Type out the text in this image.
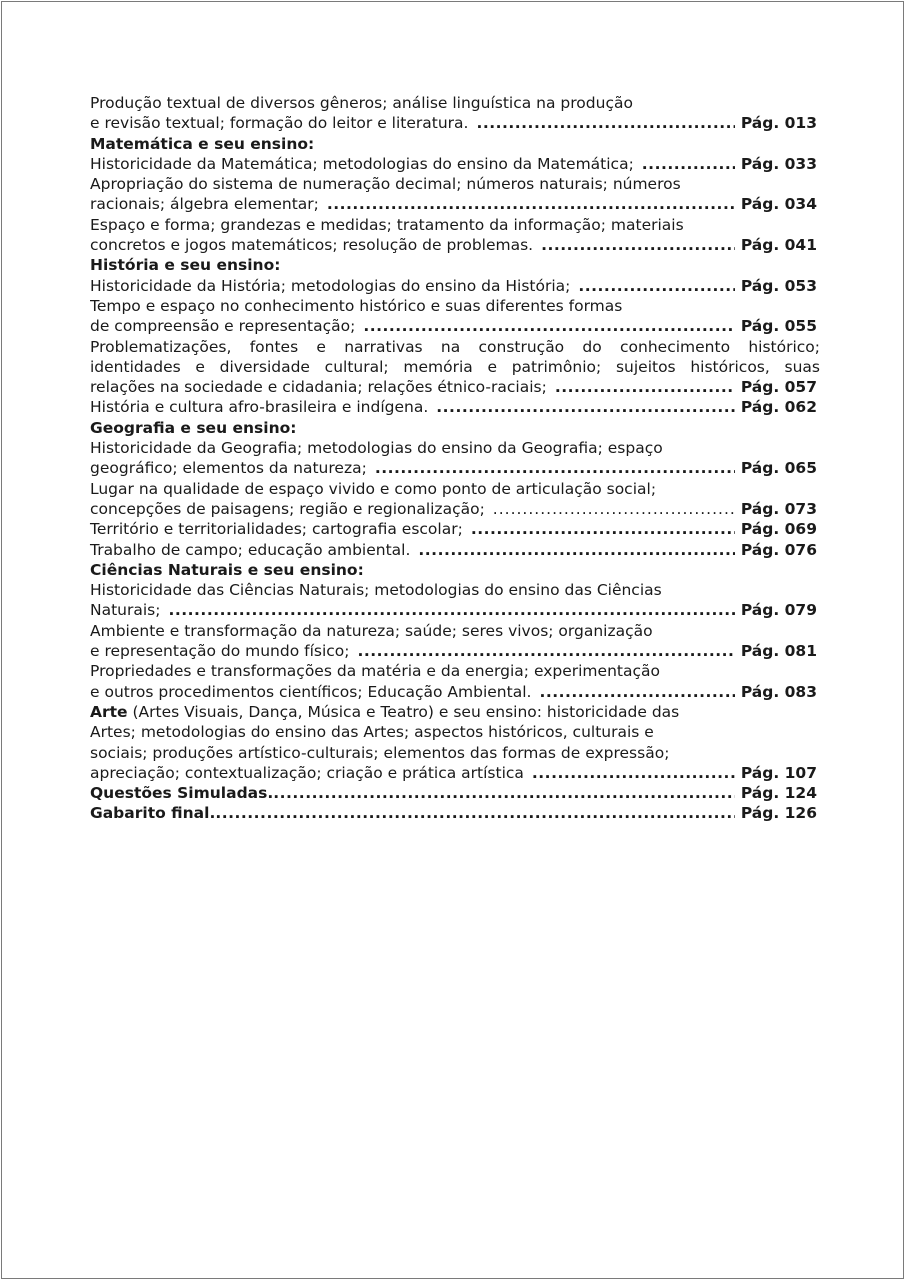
Produção textual de diversos gêneros; análise linguística na produção
e revisão textual; formação do leitor e literatura. .....	Pág. 013
Matemática e seu ensino:
Historicidade da Matemática; metodologias do ensino da Matemática; .....	Pág. 033
Apropriação do sistema de numeração decimal; números naturais; números
racionais; álgebra elementar; .....	Pág. 034
Espaço e forma; grandezas e medidas; tratamento da informação; materiais
concretos e jogos matemáticos; resolução de problemas. .....	Pág. 041
História e seu ensino:
Historicidade da História; metodologias do ensino da História; .....	Pág. 053
Tempo e espaço no conhecimento histórico e suas diferentes formas
de compreensão e representação; .....	Pág. 055
Problematizações, fontes e narrativas na construção do conhecimento histórico;
identidades e diversidade cultural; memória e patrimônio; sujeitos históricos, suas
relações na sociedade e cidadania; relações étnico-raciais; .....	Pág. 057
História e cultura afro-brasileira e indígena. .....	Pág. 062
Geografia e seu ensino:
Historicidade da Geografia; metodologias do ensino da Geografia; espaço
geográfico; elementos da natureza; .....	Pág. 065
Lugar na qualidade de espaço vivido e como ponto de articulação social;
concepções de paisagens; região e regionalização; .....	Pág. 073
Território e territorialidades; cartografia escolar; .....	Pág. 069
Trabalho de campo; educação ambiental. .....	Pág. 076
Ciências Naturais e seu ensino:
Historicidade das Ciências Naturais; metodologias do ensino das Ciências
Naturais; .....	Pág. 079
Ambiente e transformação da natureza; saúde; seres vivos; organização
e representação do mundo físico; .....	Pág. 081
Propriedades e transformações da matéria e da energia; experimentação
e outros procedimentos científicos; Educação Ambiental. .....	Pág. 083
Arte (Artes Visuais, Dança, Música e Teatro) e seu ensino: historicidade das
Artes; metodologias do ensino das Artes; aspectos históricos, culturais e
sociais; produções artístico-culturais; elementos das formas de expressão;
apreciação; contextualização; criação e prática artística .....	Pág. 107
Questões Simuladas. .....	Pág. 124
Gabarito final. .....	Pág. 126
